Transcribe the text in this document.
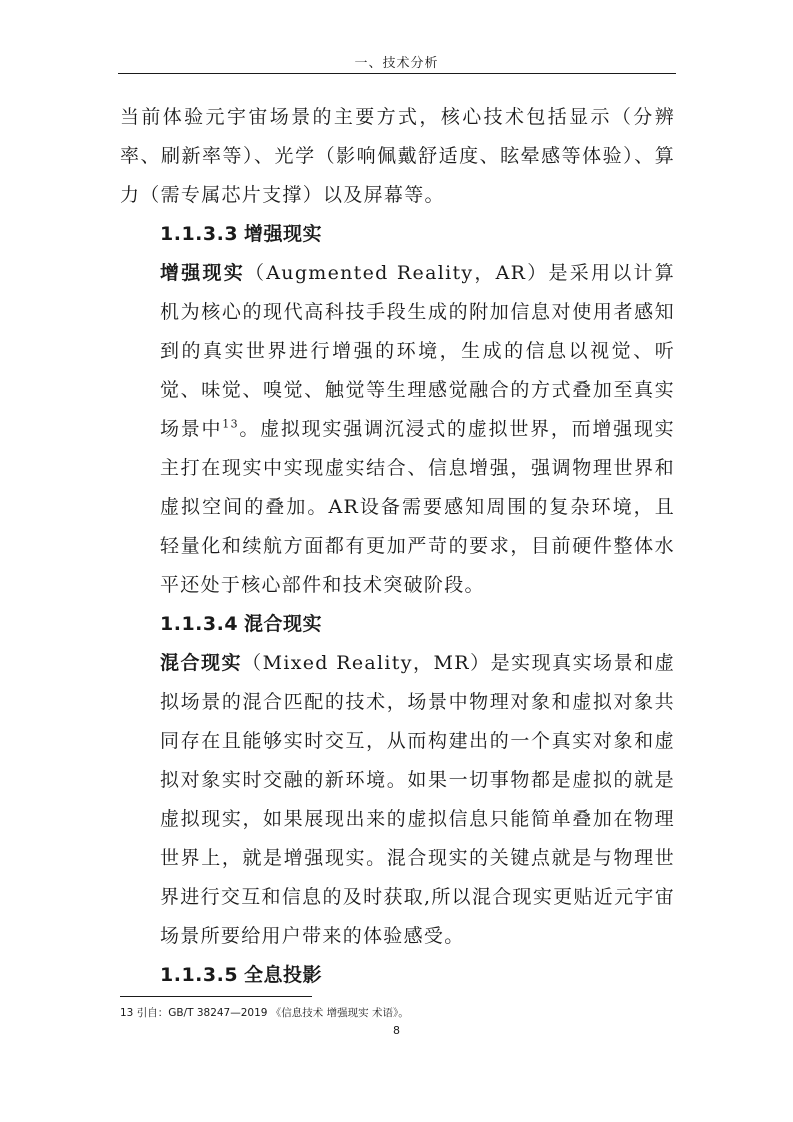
一、技术分析

当前体验元宇宙场景的主要方式，核心技术包括显示（分辨率、刷新率等）、光学（影响佩戴舒适度、眩晕感等体验）、算力（需专属芯片支撑）以及屏幕等。

1.1.3.3 增强现实

增强现实（Augmented Reality，AR）是采用以计算机为核心的现代高科技手段生成的附加信息对使用者感知到的真实世界进行增强的环境，生成的信息以视觉、听觉、味觉、嗅觉、触觉等生理感觉融合的方式叠加至真实场景中$^{13}$。虚拟现实强调沉浸式的虚拟世界，而增强现实主打在现实中实现虚实结合、信息增强，强调物理世界和虚拟空间的叠加。AR设备需要感知周围的复杂环境，且轻量化和续航方面都有更加严苛的要求，目前硬件整体水平还处于核心部件和技术突破阶段。

1.1.3.4 混合现实

混合现实（Mixed Reality，MR）是实现真实场景和虚拟场景的混合匹配的技术，场景中物理对象和虚拟对象共同存在且能够实时交互，从而构建出的一个真实对象和虚拟对象实时交融的新环境。如果一切事物都是虚拟的就是虚拟现实，如果展现出来的虚拟信息只能简单叠加在物理世界上，就是增强现实。混合现实的关键点就是与物理世界进行交互和信息的及时获取,所以混合现实更贴近元宇宙场景所要给用户带来的体验感受。

1.1.3.5 全息投影
13 引自：GB/T 38247—2019 《信息技术 增强现实 术语》。
8
